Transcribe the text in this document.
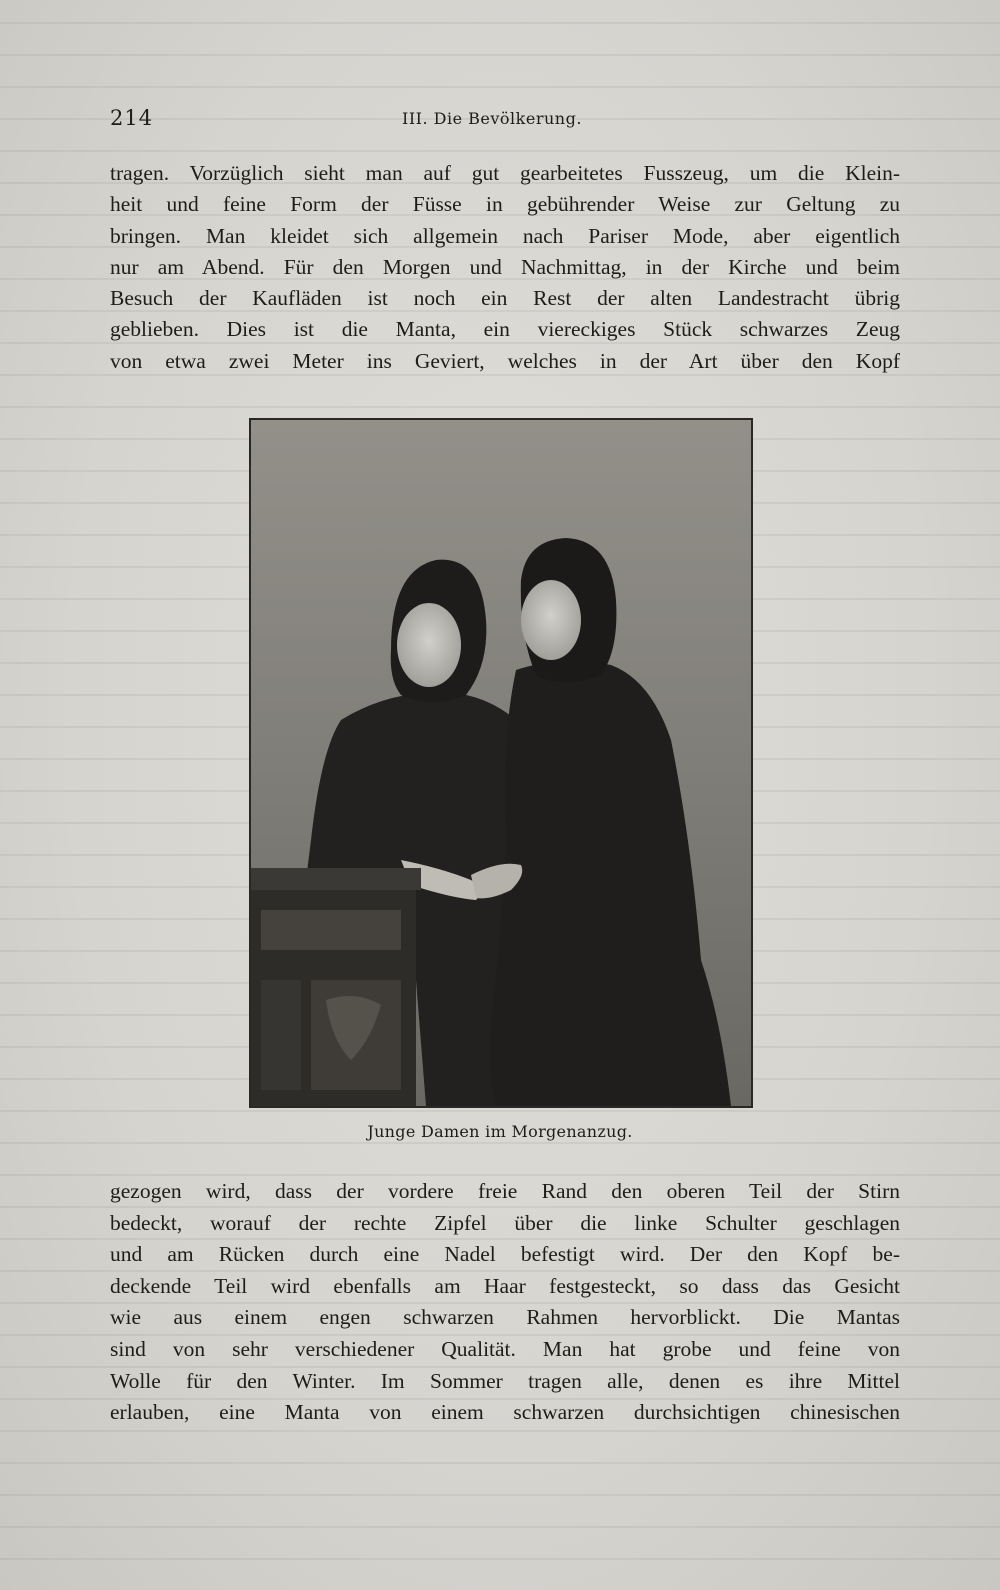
214	III. Die Bevölkerung.
tragen. Vorzüglich sieht man auf gut gearbeitetes Fusszeug, um die Klein-
heit und feine Form der Füsse in gebührender Weise zur Geltung zu
bringen. Man kleidet sich allgemein nach Pariser Mode, aber eigentlich
nur am Abend. Für den Morgen und Nachmittag, in der Kirche und beim
Besuch der Kaufläden ist noch ein Rest der alten Landestracht übrig
geblieben. Dies ist die Manta, ein viereckiges Stück schwarzes Zeug
von etwa zwei Meter ins Geviert, welches in der Art über den Kopf
Junge Damen im Morgenanzug.
gezogen wird, dass der vordere freie Rand den oberen Teil der Stirn
bedeckt, worauf der rechte Zipfel über die linke Schulter geschlagen
und am Rücken durch eine Nadel befestigt wird. Der den Kopf be-
deckende Teil wird ebenfalls am Haar festgesteckt, so dass das Gesicht
wie aus einem engen schwarzen Rahmen hervorblickt. Die Mantas
sind von sehr verschiedener Qualität. Man hat grobe und feine von
Wolle für den Winter. Im Sommer tragen alle, denen es ihre Mittel
erlauben, eine Manta von einem schwarzen durchsichtigen chinesischen
